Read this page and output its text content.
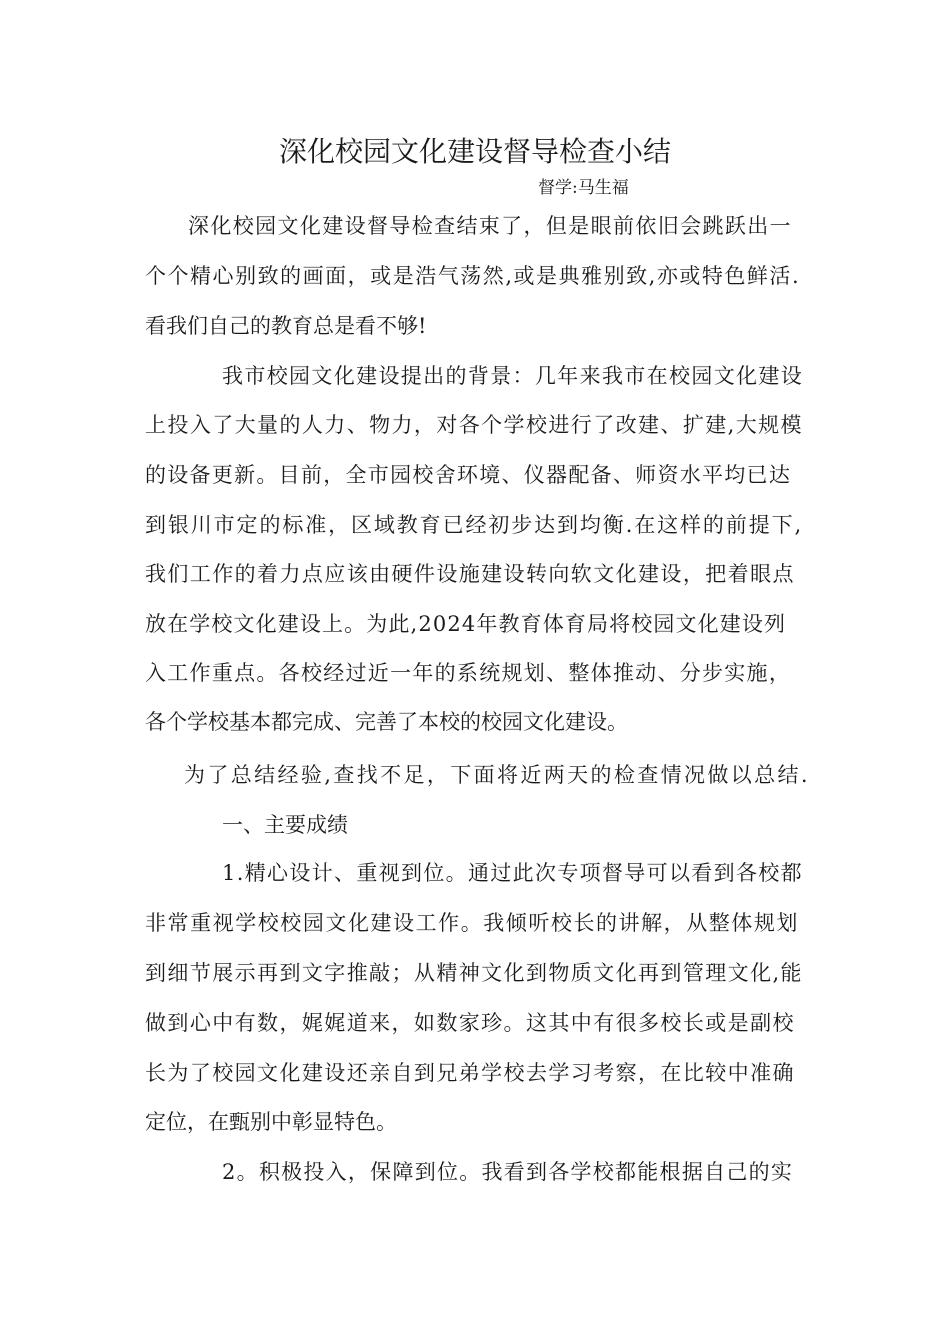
深化校园文化建设督导检查小结
督学:马生福
深化校园文化建设督导检查结束了，但是眼前依旧会跳跃出一
个个精心别致的画面，或是浩气荡然,或是典雅别致,亦或特色鲜活.
看我们自己的教育总是看不够!
我市校园文化建设提出的背景：几年来我市在校园文化建设
上投入了大量的人力、物力，对各个学校进行了改建、扩建,大规模
的设备更新。目前，全市园校舍环境、仪器配备、师资水平均已达
到银川市定的标准，区域教育已经初步达到均衡.在这样的前提下,
我们工作的着力点应该由硬件设施建设转向软文化建设，把着眼点
放在学校文化建设上。为此,2024年教育体育局将校园文化建设列
入工作重点。各校经过近一年的系统规划、整体推动、分步实施，
各个学校基本都完成、完善了本校的校园文化建设。
为了总结经验,查找不足，下面将近两天的检查情况做以总结.
一、主要成绩
1.精心设计、重视到位。通过此次专项督导可以看到各校都
非常重视学校校园文化建设工作。我倾听校长的讲解，从整体规划
到细节展示再到文字推敲；从精神文化到物质文化再到管理文化,能
做到心中有数，娓娓道来，如数家珍。这其中有很多校长或是副校
长为了校园文化建设还亲自到兄弟学校去学习考察，在比较中准确
定位，在甄别中彰显特色。
2。积极投入，保障到位。我看到各学校都能根据自己的实
